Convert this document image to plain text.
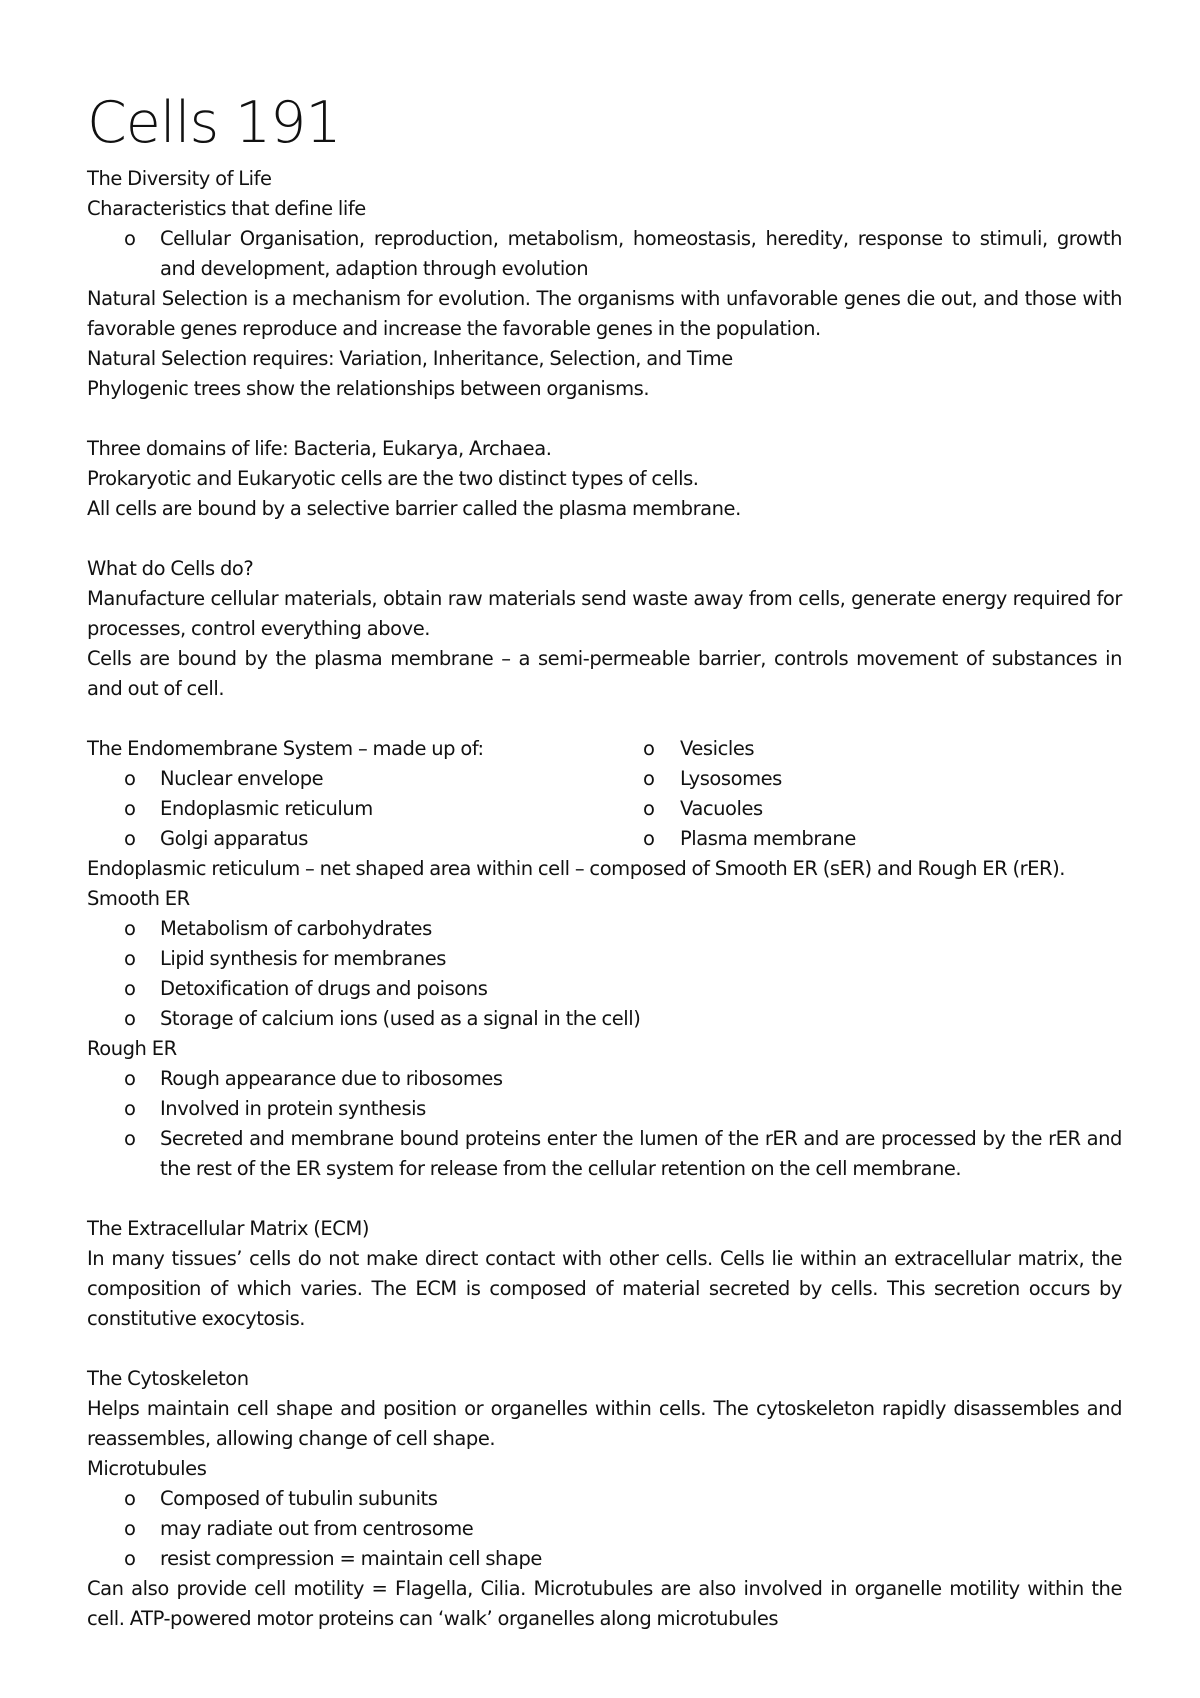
Cells 191
The Diversity of Life
Characteristics that define life
o	Cellular Organisation, reproduction, metabolism, homeostasis, heredity, response to stimuli, growth and development, adaption through evolution

Natural Selection is a mechanism for evolution. The organisms with unfavorable genes die out, and those with favorable genes reproduce and increase the favorable genes in the population.

Natural Selection requires: Variation, Inheritance, Selection, and Time
Phylogenic trees show the relationships between organisms.
Three domains of life: Bacteria, Eukarya, Archaea.
Prokaryotic and Eukaryotic cells are the two distinct types of cells.
All cells are bound by a selective barrier called the plasma membrane.
What do Cells do?

Manufacture cellular materials, obtain raw materials send waste away from cells, generate energy required for processes, control everything above.

Cells are bound by the plasma membrane – a semi-permeable barrier, controls movement of substances in and out of cell.

The Endomembrane System – made up of:
o	Nuclear envelope
o	Endoplasmic reticulum
o	Golgi apparatus
o	Vesicles
o	Lysosomes
o	Vacuoles
o	Plasma membrane
Endoplasmic reticulum – net shaped area within cell – composed of Smooth ER (sER) and Rough ER (rER).
Smooth ER
o	Metabolism of carbohydrates
o	Lipid synthesis for membranes
o	Detoxification of drugs and poisons
o	Storage of calcium ions (used as a signal in the cell)
Rough ER
o	Rough appearance due to ribosomes
o	Involved in protein synthesis
o	Secreted and membrane bound proteins enter the lumen of the rER and are processed by the rER and the rest of the ER system for release from the cellular retention on the cell membrane.
The Extracellular Matrix (ECM)

In many tissues’ cells do not make direct contact with other cells. Cells lie within an extracellular matrix, the composition of which varies. The ECM is composed of material secreted by cells. This secretion occurs by constitutive exocytosis.

The Cytoskeleton

Helps maintain cell shape and position or organelles within cells. The cytoskeleton rapidly disassembles and reassembles, allowing change of cell shape.

Microtubules
o	Composed of tubulin subunits
o	may radiate out from centrosome
o	resist compression = maintain cell shape

Can also provide cell motility = Flagella, Cilia. Microtubules are also involved in organelle motility within the cell. ATP-powered motor proteins can ‘walk’ organelles along microtubules
